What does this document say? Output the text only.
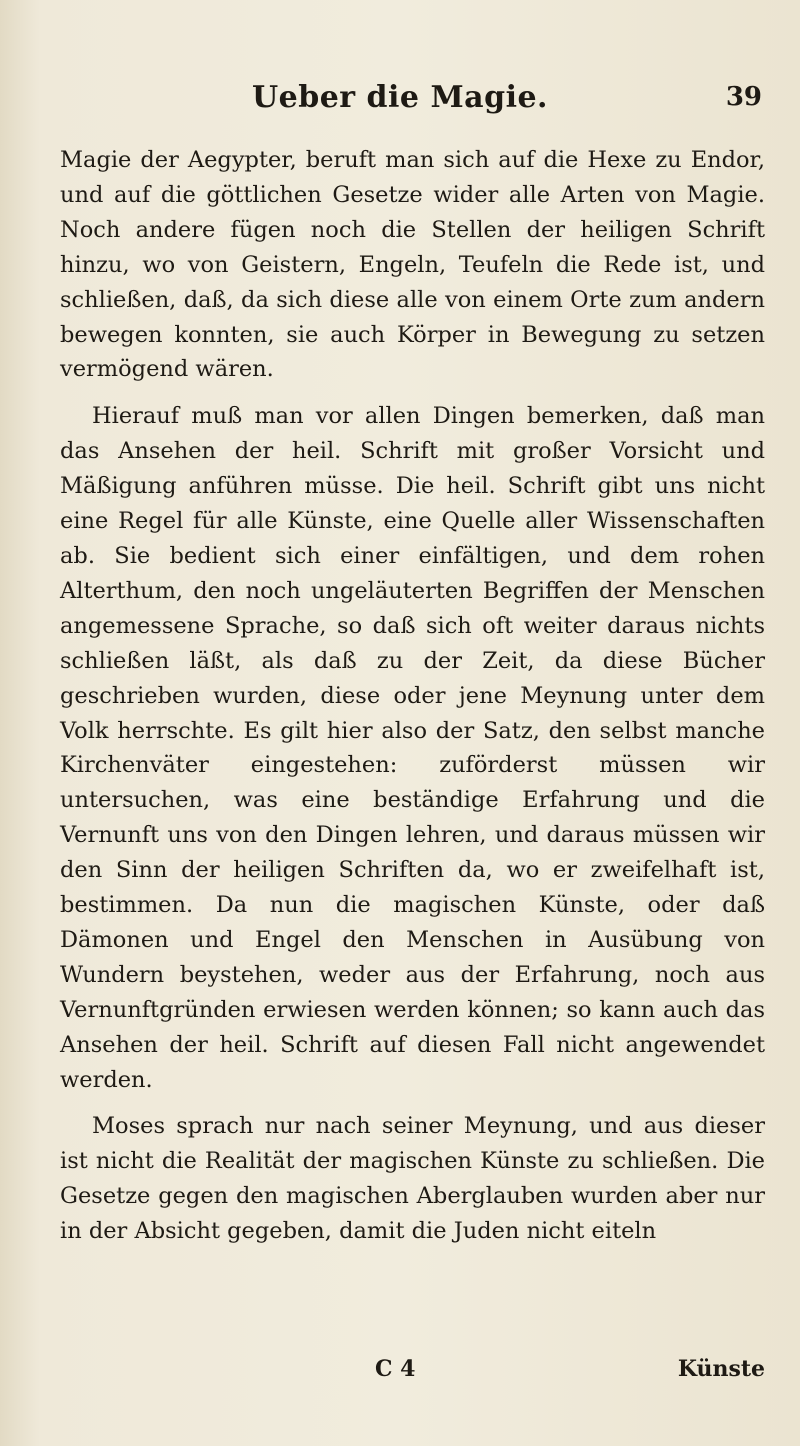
Ueber die Magie.	39

Magie der Aegypter, beruft man sich auf die Hexe zu Endor, und auf die göttlichen Gesetze wider alle Arten von Magie. Noch andere fügen noch die Stellen der heiligen Schrift hinzu, wo von Geistern, Engeln, Teufeln die Rede ist, und schließen, daß, da sich diese alle von einem Orte zum andern bewegen konnten, sie auch Körper in Bewegung zu setzen vermögend wären.

Hierauf muß man vor allen Dingen bemerken, daß man das Ansehen der heil. Schrift mit großer Vorsicht und Mäßigung anführen müsse. Die heil. Schrift gibt uns nicht eine Regel für alle Künste, eine Quelle aller Wissenschaften ab. Sie bedient sich einer einfältigen, und dem rohen Alterthum, den noch ungeläuterten Begriffen der Menschen angemessene Sprache, so daß sich oft weiter daraus nichts schließen läßt, als daß zu der Zeit, da diese Bücher geschrieben wurden, diese oder jene Meynung unter dem Volk herrschte. Es gilt hier also der Satz, den selbst manche Kirchenväter eingestehen: zuförderst müssen wir untersuchen, was eine beständige Erfahrung und die Vernunft uns von den Dingen lehren, und daraus müssen wir den Sinn der heiligen Schriften da, wo er zweifelhaft ist, bestimmen. Da nun die magischen Künste, oder daß Dämonen und Engel den Menschen in Ausübung von Wundern beystehen, weder aus der Erfahrung, noch aus Vernunftgründen erwiesen werden können; so kann auch das Ansehen der heil. Schrift auf diesen Fall nicht angewendet werden.

Moses sprach nur nach seiner Meynung, und aus dieser ist nicht die Realität der magischen Künste zu schließen. Die Gesetze gegen den magischen Aberglauben wurden aber nur in der Absicht gegeben, damit die Juden nicht eiteln

C 4	Künste
